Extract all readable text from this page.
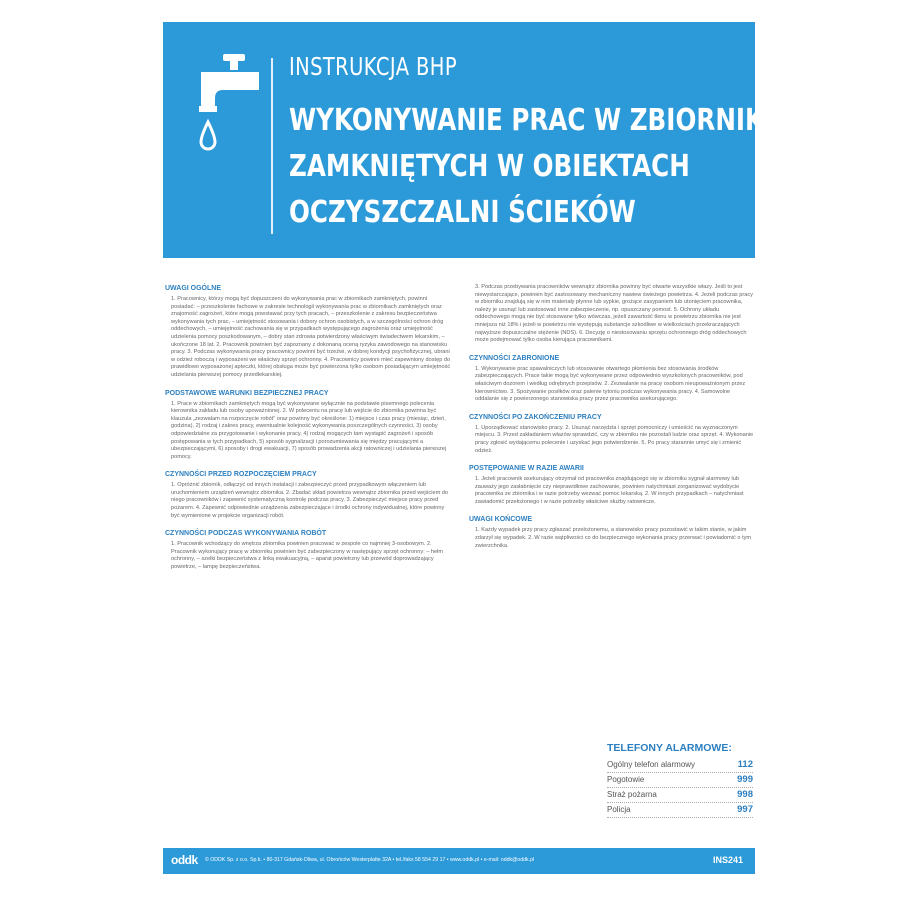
INSTRUKCJA BHP
WYKONYWANIE PRAC W ZBIORNIKACH
ZAMKNIĘTYCH W OBIEKTACH
OCZYSZCZALNI ŚCIEKÓW
UWAGI OGÓLNE

1. Pracownicy, którzy mogą być dopuszczeni do wykonywania prac w zbiornikach zamkniętych, powinni posiadać: – przeszkolenie fachowe w zakresie technologii wykonywania prac w zbiornikach zamkniętych oraz znajomość zagrożeń, które mogą powstawać przy tych pracach, – przeszkolenie z zakresu bezpieczeństwa wykonywania tych prac, – umiejętność stosowania i dobory ochron osobistych, a w szczególności ochron dróg oddechowych, – umiejętność zachowania się w przypadkach występującego zagrożenia oraz umiejętność udzielenia pomocy poszkodowanym, – dobry stan zdrowia potwierdzony właściwym świadectwem lekarskim, – ukończone 18 lat. 2. Pracownik powinien być zapoznany z dokonaną oceną ryzyka zawodowego na stanowisku pracy. 3. Podczas wykonywania pracy pracownicy powinni być trzeźwi, w dobrej kondycji psychofizycznej, ubrani w odzież roboczą i wyposażeni we właściwy sprzęt ochronny. 4. Pracownicy powinni mieć zapewniony dostęp do prawidłowo wyposażonej apteczki, której obsługa może być powierzona tylko osobom posiadającym umiejętność udzielania pierwszej pomocy przedlekarskiej.

PODSTAWOWE WARUNKI BEZPIECZNEJ PRACY

1. Prace w zbiornikach zamkniętych mogą być wykonywane wyłącznie na podstawie pisemnego polecenia kierownika zakładu lub osoby upoważnionej. 2. W poleceniu na pracę lub wejście do zbiornika powinna być klauzula „zezwalam na rozpoczęcie robót” oraz powinny być określone: 1) miejsce i czas pracy (miesiąc, dzień, godzina), 2) rodzaj i zakres pracy, ewentualnie kolejność wykonywania poszczególnych czynności, 3) osoby odpowiedzialne za przygotowanie i wykonanie pracy, 4) rodzaj mogących tam wystąpić zagrożeń i sposób postępowania w tych przypadkach, 5) sposób sygnalizacji i porozumiewania się między pracującymi a ubezpieczającymi, 6) sposoby i drogi ewakuacji, 7) sposób prowadzenia akcji ratowniczej i udzielania pierwszej pomocy.

CZYNNOŚCI PRZED ROZPOCZĘCIEM PRACY

1. Opróżnić zbiornik, odłączyć od innych instalacji i zabezpieczyć przed przypadkowym włączeniem lub uruchomieniem urządzeń wewnątrz zbiornika. 2. Zbadać skład powietrza wewnątrz zbiornika przed wejściem do niego pracowników i zapewnić systematyczną kontrolę podczas pracy. 3. Zabezpieczyć miejsce pracy przed pożarem. 4. Zapewnić odpowiednie urządzenia zabezpieczające i środki ochrony indywidualnej, które powinny być wymienione w projekcie organizacji robót.

CZYNNOŚCI PODCZAS WYKONYWANIA ROBÓT

1. Pracownik wchodzący do wnętrza zbiornika powinien pracować w zespole co najmniej 3-osobowym. 2. Pracownik wykonujący pracę w zbiorniku powinien być zabezpieczony w następujący sprzęt ochronny: – hełm ochronny, – szelki bezpieczeństwa z linką ewakuacyjną, – aparat powietrzny lub przewód doprowadzający powietrze, – lampę bezpieczeństwa.

3. Podczas przebywania pracowników wewnątrz zbiornika powinny być otwarte wszystkie włazy. Jeśli to jest niewystarczające, powinien być zastosowany mechaniczny nawiew świeżego powietrza. 4. Jeżeli podczas pracy w zbiorniku znajdują się w nim materiały płynne lub sypkie, grożące zasypaniem lub utonięciem pracownika, należy je usunąć lub zastosować inne zabezpieczenie, np. opuszczany pomost. 5. Ochrony układu oddechowego mogą nie być stosowane tylko wówczas, jeżeli zawartość tlenu w powietrzu zbiornika nie jest mniejsza niż 18% i jeżeli w powietrzu nie występują substancje szkodliwe w wielkościach przekraczających najwyższe dopuszczalne stężenie (NDS). 6. Decyzję o niestosowaniu sprzętu ochronnego dróg oddechowych może podejmować tylko osoba kierująca pracownikami.

CZYNNOŚCI ZABRONIONE

1. Wykonywanie prac spawalniczych lub stosowanie otwartego płomienia bez stosowania środków zabezpieczających. Prace takie mogą być wykonywane przez odpowiednio wyszkolonych pracowników, pod właściwym dozorem i według odrębnych przepisów. 2. Zezwalanie na pracę osobom nieupoważnionym przez kierownictwo. 3. Spożywanie posiłków oraz palenie tytoniu podczas wykonywania pracy. 4. Samowolne oddalanie się z powierzonego stanowiska pracy przez pracownika asekurującego.

CZYNNOŚCI PO ZAKOŃCZENIU PRACY

1. Uporządkować stanowisko pracy. 2. Usunąć narzędzia i sprzęt pomocniczy i umieścić na wyznaczonym miejscu. 3. Przed zakładaniem włazów sprawdzić, czy w zbiorniku nie pozostali ludzie oraz sprzęt. 4. Wykonanie pracy zgłosić wydającemu polecenie i uzyskać jego potwierdzenie. 5. Po pracy starannie umyć się i zmienić odzież.

POSTĘPOWANIE W RAZIE AWARII

1. Jeżeli pracownik asekurujący otrzymał od pracownika znajdującego się w zbiorniku sygnał alarmowy lub zauważy jego zasłabnięcie czy nieprawidłowe zachowanie, powinien natychmiast zorganizować wydobycie pracownika ze zbiornika i w razie potrzeby wezwać pomoc lekarską. 2. W innych przypadkach – natychmiast zawiadomić przełożonego i w razie potrzeby właściwe służby ratownicze.

UWAGI KOŃCOWE

1. Każdy wypadek przy pracy zgłaszać przełożonemu, a stanowisko pracy pozostawić w takim stanie, w jakim zdarzył się wypadek. 2. W razie wątpliwości co do bezpiecznego wykonania pracy przerwać i powiadomić o tym zwierzchnika.

TELEFONY ALARMOWE:
Ogólny telefon alarmowy	112
Pogotowie	999
Straż pożarna	998
Policja	997
oddk © ODDK Sp. z o.o. Sp.k. • 80-317 Gdańsk-Oliwa, ul. Obrońców Westerplatte 32A • tel./faks 58 554 29 17 • www.oddk.pl • e-mail: oddk@oddk.pl	INS241
